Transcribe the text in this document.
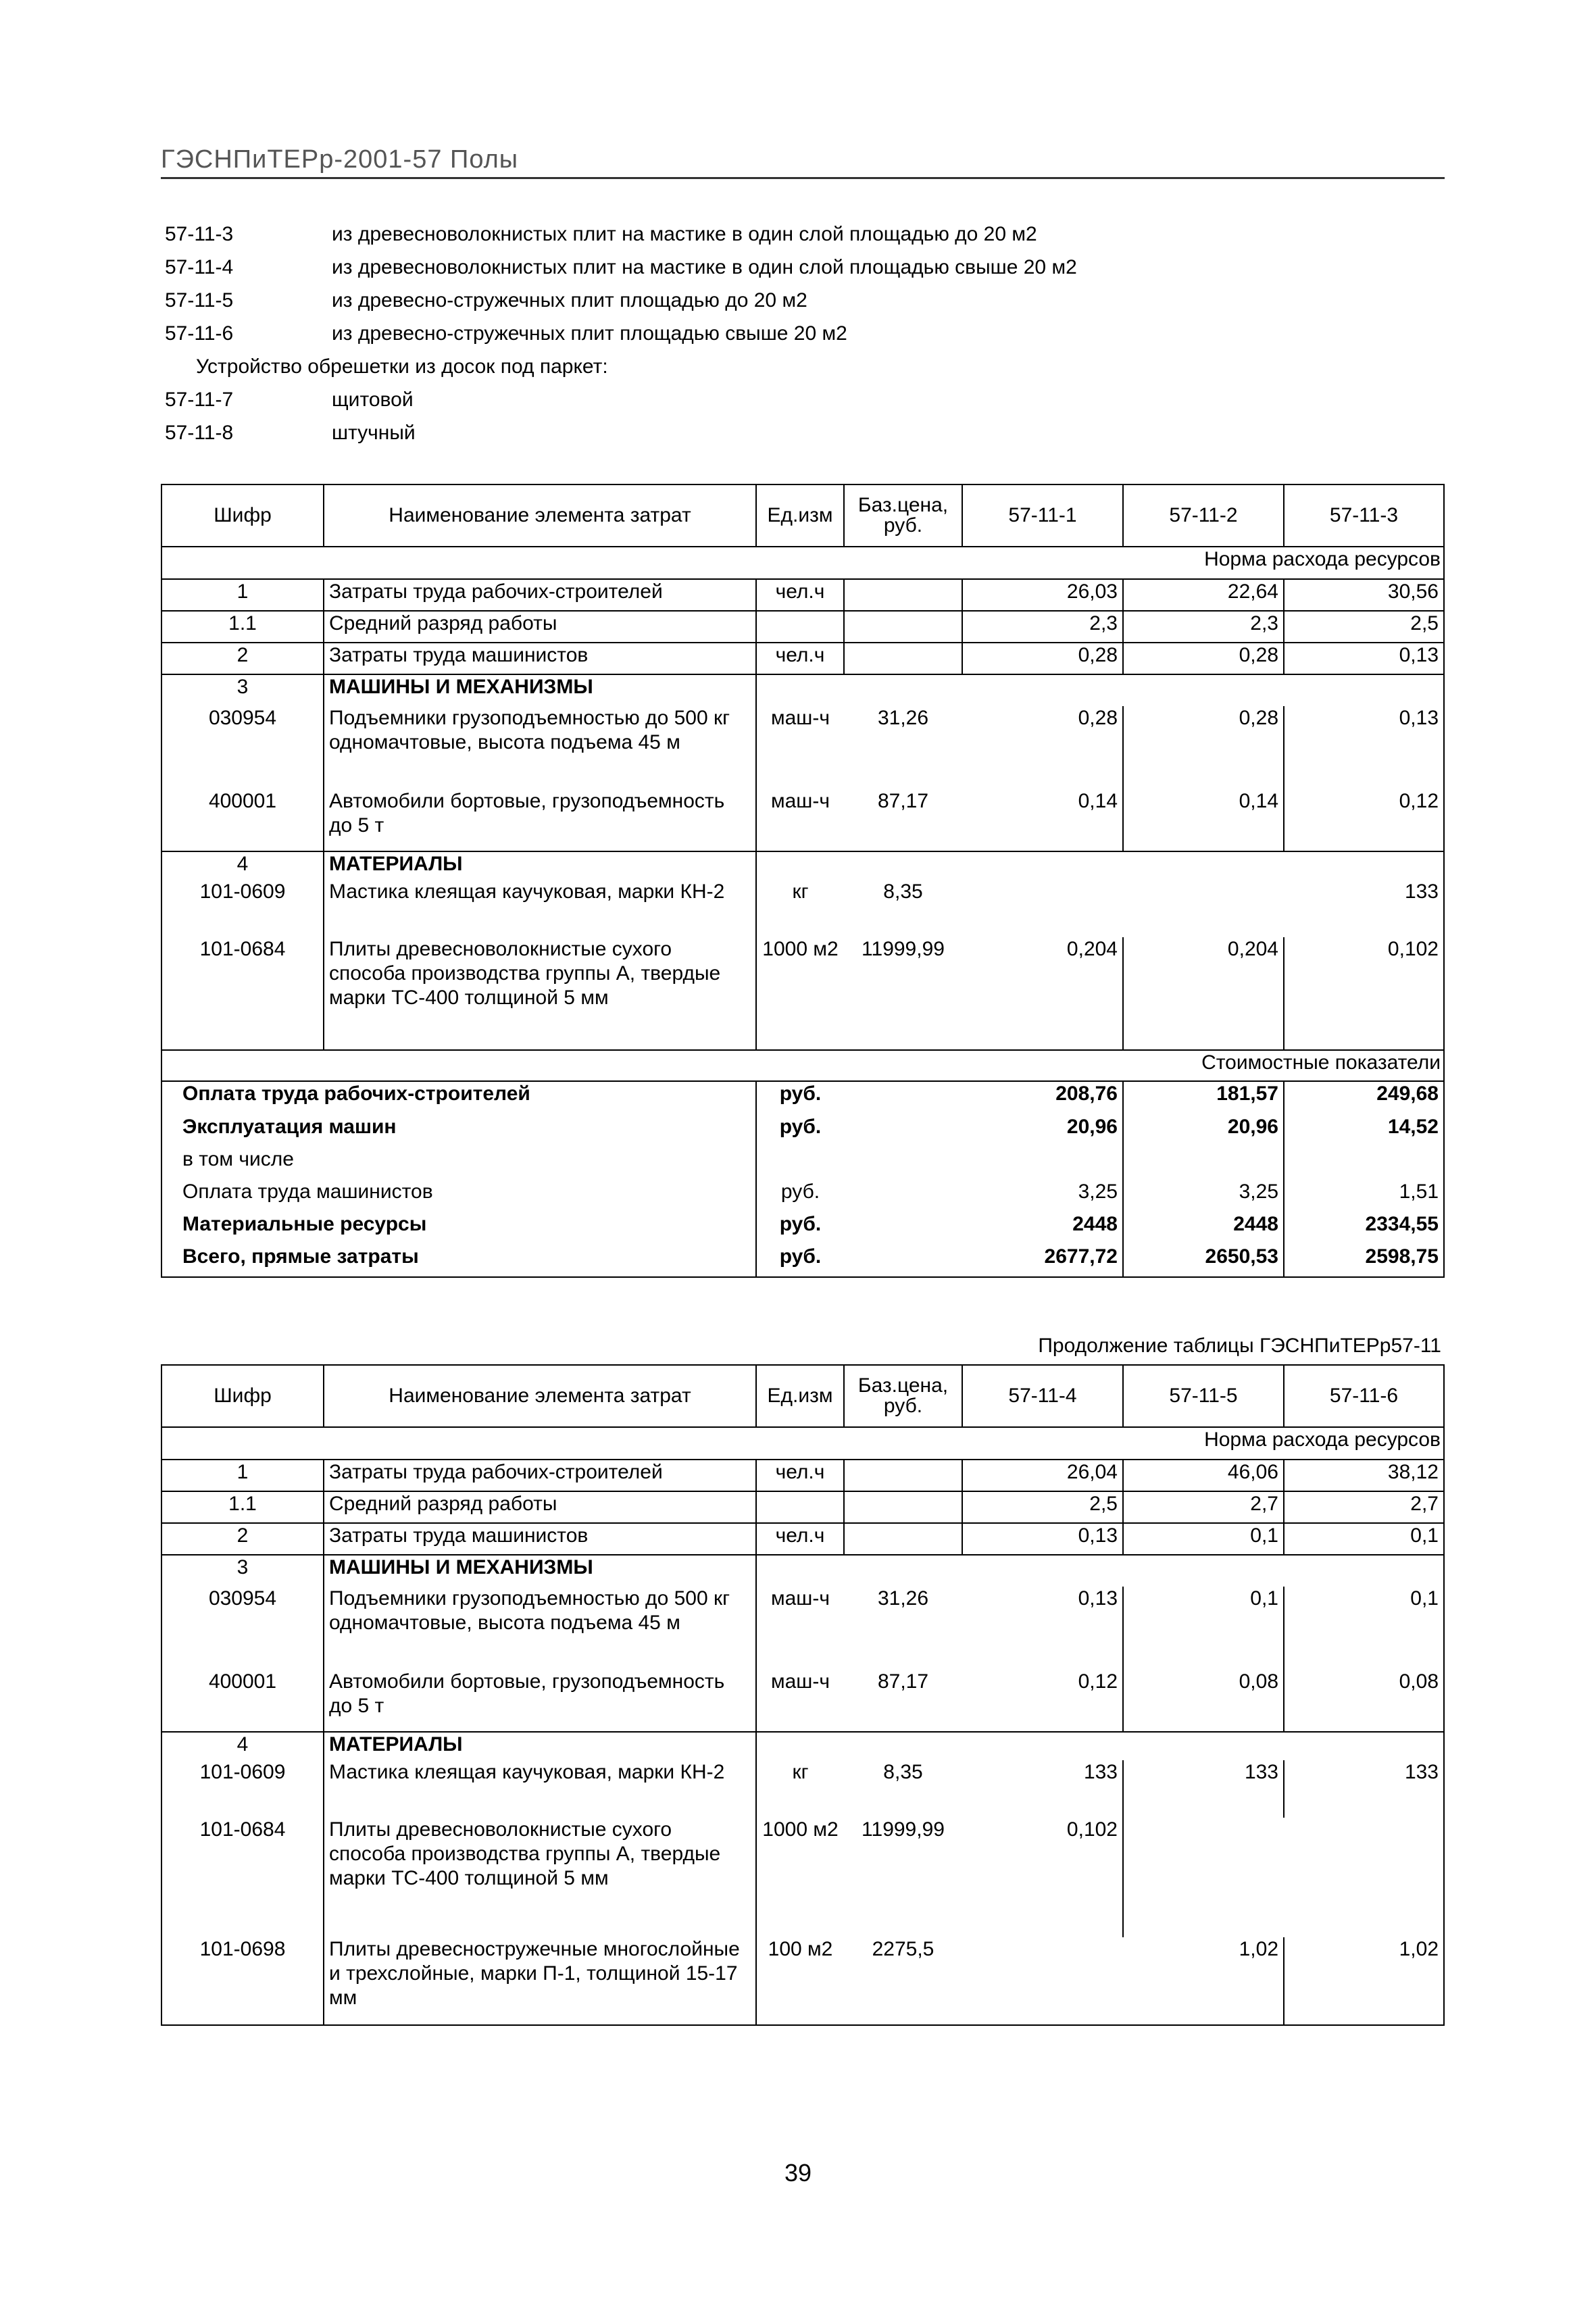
ГЭСНПиТЕРр-2001-57 Полы
57-11-3	из древесноволокнистых плит на мастике в один слой площадью до 20 м2
57-11-4	из древесноволокнистых плит на мастике в один слой площадью свыше 20 м2
57-11-5	из древесно-стружечных плит площадью до 20 м2
57-11-6	из древесно-стружечных плит площадью свыше 20 м2
Устройство обрешетки из досок под паркет:
57-11-7	щитовой
57-11-8	штучный
Шифр	Наименование элемента затрат	Ед.изм	Баз.цена,
руб.	57-11-1	57-11-2	57-11-3
Норма расхода ресурсов						
1	Затраты труда рабочих-строителей	чел.ч		26,03	22,64	30,56
1.1	Средний разряд работы			2,3	2,3	2,5
2	Затраты труда машинистов	чел.ч		0,28	0,28	0,13
3	МАШИНЫ И МЕХАНИЗМЫ					
030954	Подъемники грузоподъемностью до 500 кг одномачтовые, высота подъема 45 м	маш-ч	31,26	0,28	0,28	0,13
400001	Автомобили бортовые, грузоподъемность до 5 т	маш-ч	87,17	0,14	0,14	0,12
4	МАТЕРИАЛЫ					
101-0609	Мастика клеящая каучуковая, марки КН-2	кг	8,35			133
101-0684	Плиты древесноволокнистые сухого способа производства группы А, твердые марки ТС-400 толщиной 5 мм	1000 м2	11999,99	0,204	0,204	0,102
Стоимостные показатели						
Оплата труда рабочих-строителей		руб.		208,76	181,57	249,68
Эксплуатация машин		руб.		20,96	20,96	14,52
в том числе						
Оплата труда машинистов		руб.		3,25	3,25	1,51
Материальные ресурсы		руб.		2448	2448	2334,55
Всего, прямые затраты		руб.		2677,72	2650,53	2598,75
Продолжение таблицы ГЭСНПиТЕРр57-11
Шифр	Наименование элемента затрат	Ед.изм	Баз.цена,
руб.	57-11-4	57-11-5	57-11-6
Норма расхода ресурсов						
1	Затраты труда рабочих-строителей	чел.ч		26,04	46,06	38,12
1.1	Средний разряд работы			2,5	2,7	2,7
2	Затраты труда машинистов	чел.ч		0,13	0,1	0,1
3	МАШИНЫ И МЕХАНИЗМЫ					
030954	Подъемники грузоподъемностью до 500 кг одномачтовые, высота подъема 45 м	маш-ч	31,26	0,13	0,1	0,1
400001	Автомобили бортовые, грузоподъемность до 5 т	маш-ч	87,17	0,12	0,08	0,08
4	МАТЕРИАЛЫ					
101-0609	Мастика клеящая каучуковая, марки КН-2	кг	8,35	133	133	133
101-0684	Плиты древесноволокнистые сухого способа производства группы А, твердые марки ТС-400 толщиной 5 мм	1000 м2	11999,99	0,102		
101-0698	Плиты древесностружечные многослойные и трехслойные, марки П-1, толщиной 15-17 мм	100 м2	2275,5		1,02	1,02
39
